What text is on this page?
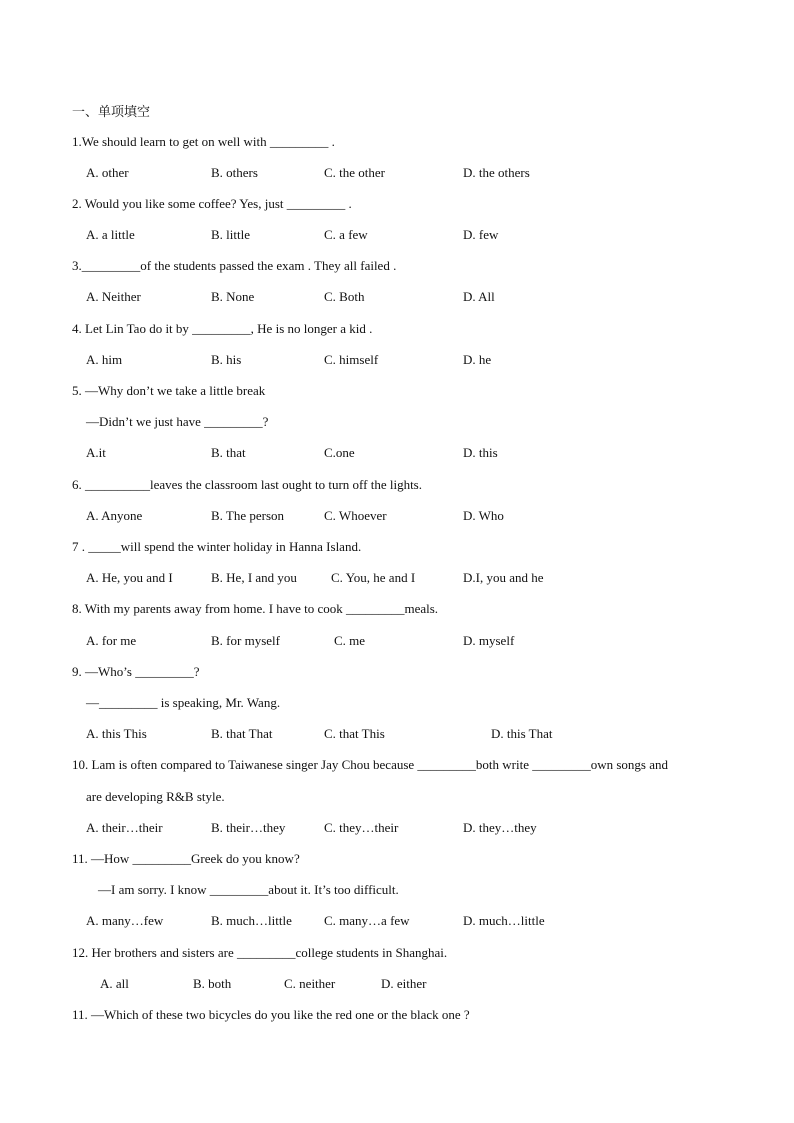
一、单项填空
1.We should learn to get on well with _________ .
A. other	B. others	C. the other	D. the others
2. Would you like some coffee? Yes, just _________ .
A. a little	B. little	C. a few	D. few
3._________of the students passed the exam . They all failed .
A. Neither	B. None	C. Both	D. All
4. Let Lin Tao do it by _________, He is no longer a kid .
A. him	B. his	C. himself	D. he
5. —Why don’t we take a little break
—Didn’t we just have _________?
A.it	B. that	C.one	D. this
6. __________leaves the classroom last ought to turn off the lights.
A. Anyone	B. The person	C. Whoever	D. Who
7 . _____will spend the winter holiday in Hanna Island.
A. He, you and I	B. He, I and you	C. You, he and I	D.I, you and he
8. With my parents away from home. I have to cook _________meals.
A. for me	B. for myself	C. me	D. myself
9. —Who’s _________?
—_________ is speaking, Mr. Wang.
A. this This	B. that That	C. that This	D. this That
10. Lam is often compared to Taiwanese singer Jay Chou because _________both write _________own songs and
are developing R&B style.
A. their…their	B. their…they	C. they…their	D. they…they
11. —How _________Greek do you know?
—I am sorry. I know _________about it. It’s too difficult.
A. many…few	B. much…little C. many…a few	D. much…little
12. Her brothers and sisters are _________college students in Shanghai.
A. all	B. both	C. neither	D. either
11. —Which of these two bicycles do you like the red one or the black one ?
